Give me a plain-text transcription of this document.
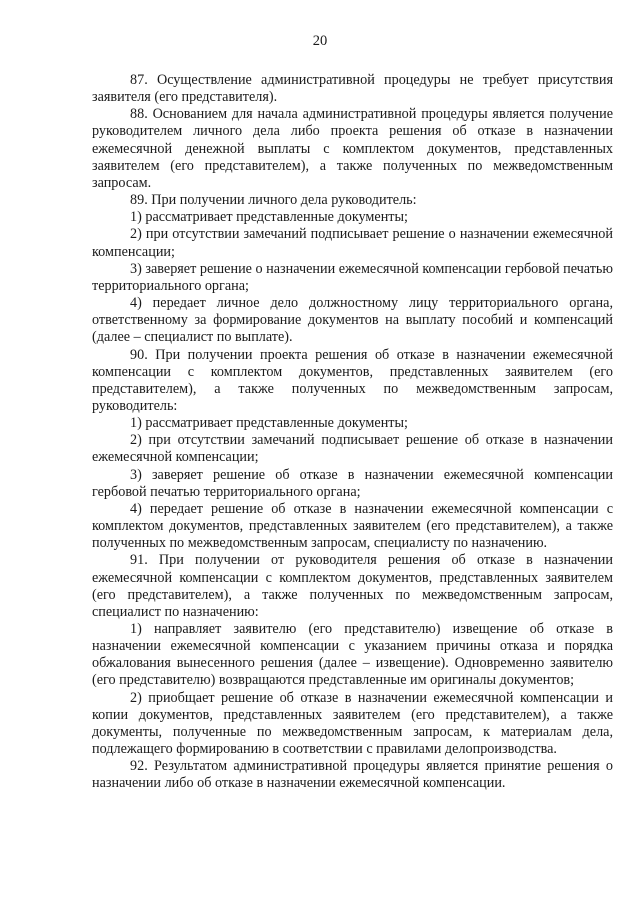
20

87. Осуществление административной процедуры не требует присутствия заявителя (его представителя).

88. Основанием для начала административной процедуры является получение руководителем личного дела либо проекта решения об отказе в назначении ежемесячной денежной выплаты с комплектом документов, представленных заявителем (его представителем), а также полученных по межведомственным запросам.

89. При получении личного дела руководитель:

1) рассматривает представленные документы;

2) при отсутствии замечаний подписывает решение о назначении ежемесячной компенсации;

3) заверяет решение о назначении ежемесячной компенсации гербовой печатью территориального органа;

4) передает личное дело должностному лицу территориального органа, ответственному за формирование документов на выплату пособий и компенсаций (далее – специалист по выплате).

90. При получении проекта решения об отказе в назначении ежемесячной компенсации с комплектом документов, представленных заявителем (его представителем), а также полученных по межведомственным запросам, руководитель:

1) рассматривает представленные документы;

2) при отсутствии замечаний подписывает решение об отказе в назначении ежемесячной компенсации;

3) заверяет решение об отказе в назначении ежемесячной компенсации гербовой печатью территориального органа;

4) передает решение об отказе в назначении ежемесячной компенсации с комплектом документов, представленных заявителем (его представителем), а также полученных по межведомственным запросам, специалисту по назначению.

91. При получении от руководителя решения об отказе в назначении ежемесячной компенсации с комплектом документов, представленных заявителем (его представителем), а также полученных по межведомственным запросам, специалист по назначению:

1) направляет заявителю (его представителю) извещение об отказе в назначении ежемесячной компенсации с указанием причины отказа и порядка обжалования вынесенного решения (далее – извещение). Одновременно заявителю (его представителю) возвращаются представленные им оригиналы документов;

2) приобщает решение об отказе в назначении ежемесячной компенсации и копии документов, представленных заявителем (его представителем), а также документы, полученные по межведомственным запросам, к материалам дела, подлежащего формированию в соответствии с правилами делопроизводства.

92. Результатом административной процедуры является принятие решения о назначении либо об отказе в назначении ежемесячной компенсации.
